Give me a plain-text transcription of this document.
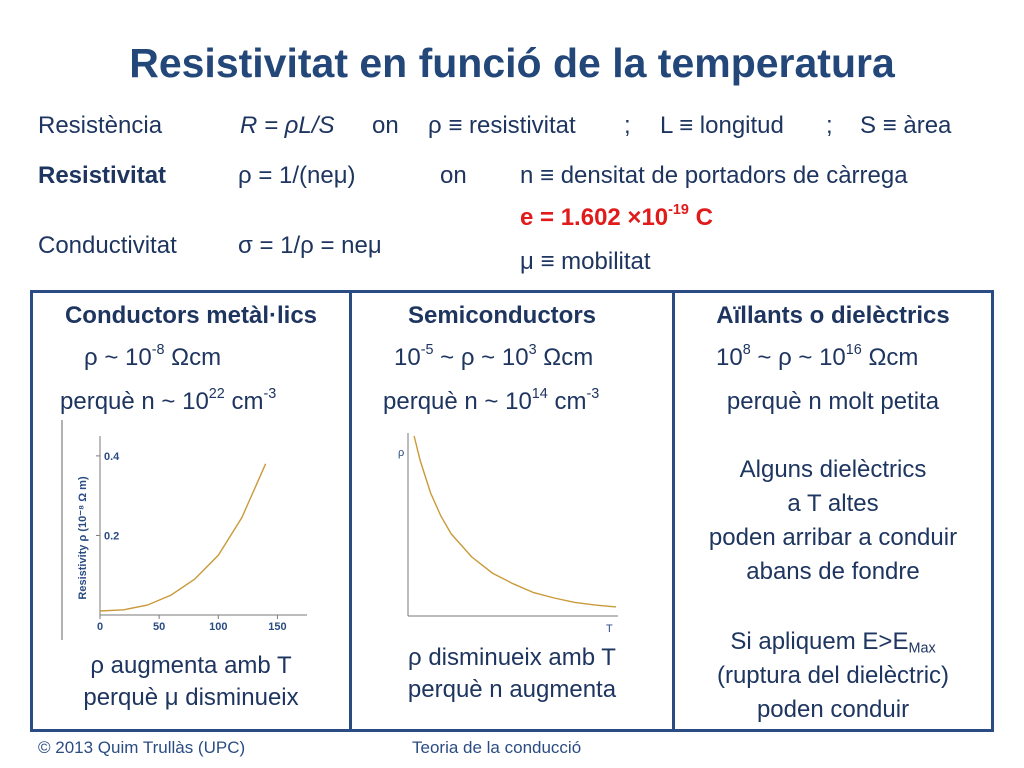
Resistivitat en funció de la temperatura
Resistència	R = ρL/S on ρ ≡ resistivitat ; L ≡ longitud ; S ≡ àrea
Resistivitat	ρ = 1/(neμ)	on n ≡ densitat de portadors de càrrega
$e = 1.602 \times 10^{-19}$ C
Conductivitat	σ = 1/ρ = neμ
μ ≡ mobilitat
Conductors metàl·lics
ρ ~ $10^{-8}$ Ωcm
perquè n ~ $10^{22}$ $cm^{-3}$
0	50	100	150
0.2
0.4
Resistivity ρ (10⁻⁸ Ω m)
ρ augmenta amb T
perquè μ disminueix
Semiconductors
$10^{-5}$ ~ ρ ~ $10^3$ Ωcm
perquè n ~ $10^{14}$ $cm^{-3}$
ρ
T
ρ disminueix amb T
perquè n augmenta
Aïllants o dielèctrics
$10^8$ ~ ρ ~ $10^{16}$ Ωcm
perquè n molt petita
Alguns dielèctrics
a T altes
poden arribar a conduir
abans de fondre
Si apliquem $E>E_{Max}$
(ruptura del dielèctric)
poden conduir
© 2013 Quim Trullàs (UPC)	Teoria de la conducció
